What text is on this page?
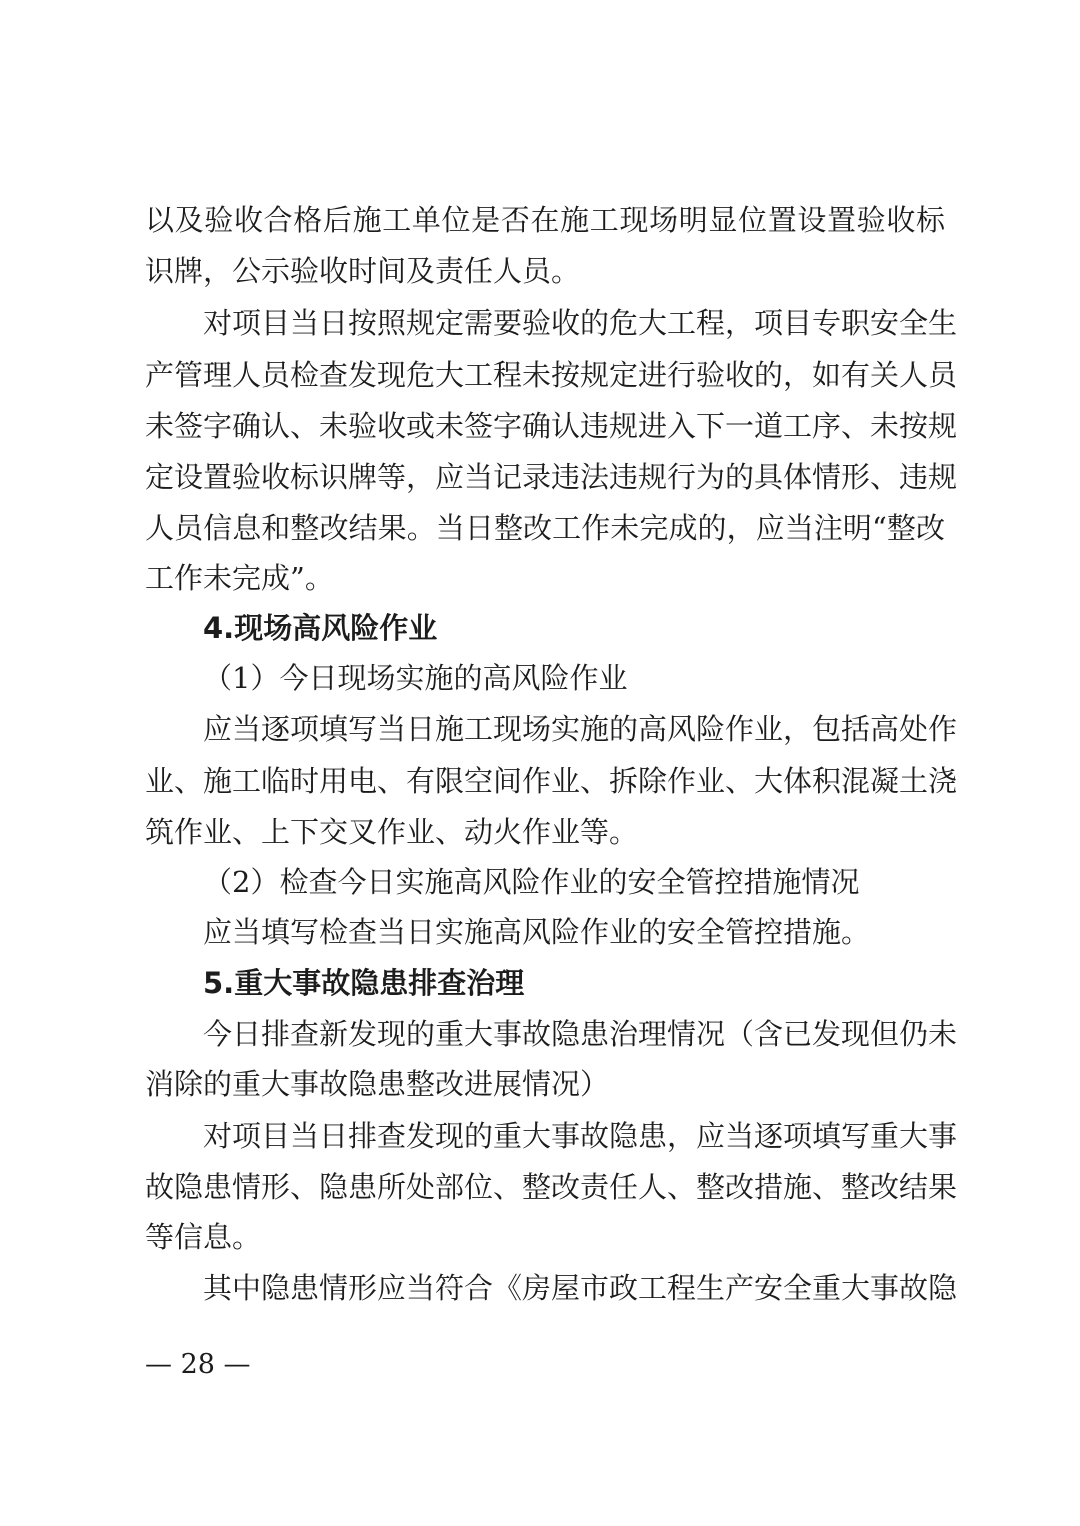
以及验收合格后施工单位是否在施工现场明显位置设置验收标
识牌，公示验收时间及责任人员。
对项目当日按照规定需要验收的危大工程，项目专职安全生
产管理人员检查发现危大工程未按规定进行验收的，如有关人员
未签字确认、未验收或未签字确认违规进入下一道工序、未按规
定设置验收标识牌等，应当记录违法违规行为的具体情形、违规
人员信息和整改结果。当日整改工作未完成的，应当注明“整改
工作未完成”。
4.现场高风险作业
（1）今日现场实施的高风险作业
应当逐项填写当日施工现场实施的高风险作业，包括高处作
业、施工临时用电、有限空间作业、拆除作业、大体积混凝土浇
筑作业、上下交叉作业、动火作业等。
（2）检查今日实施高风险作业的安全管控措施情况
应当填写检查当日实施高风险作业的安全管控措施。
5.重大事故隐患排查治理
今日排查新发现的重大事故隐患治理情况（含已发现但仍未
消除的重大事故隐患整改进展情况）
对项目当日排查发现的重大事故隐患，应当逐项填写重大事
故隐患情形、隐患所处部位、整改责任人、整改措施、整改结果
等信息。
其中隐患情形应当符合《房屋市政工程生产安全重大事故隐
— 28 —
